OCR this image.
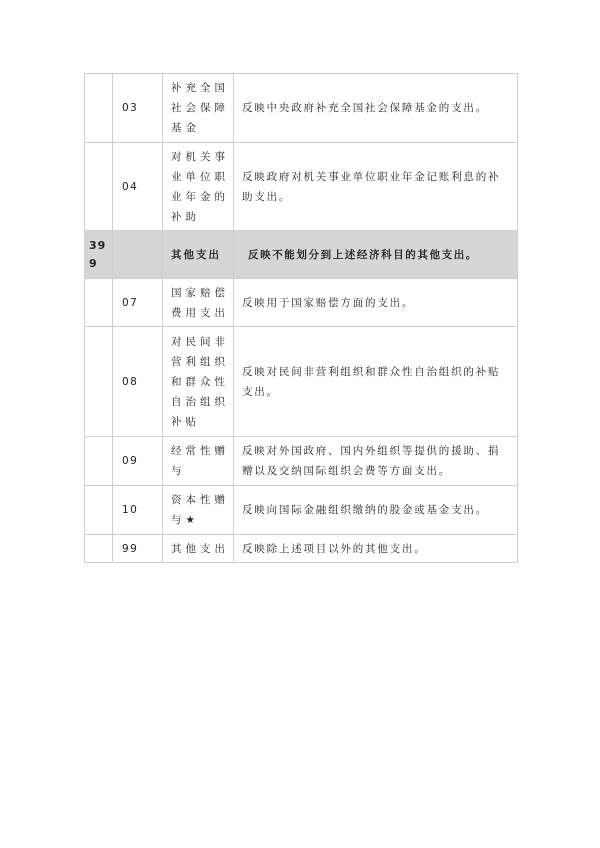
	03	补充全国社会保障基金	反映中央政府补充全国社会保障基金的支出。
	04	对机关事业单位职业年金的补助	反映政府对机关事业单位职业年金记账利息的补助支出。
399		其他支出	反映不能划分到上述经济科目的其他支出。
	07	国家赔偿费用支出	反映用于国家赔偿方面的支出。
	08	对民间非营利组织和群众性自治组织补贴	反映对民间非营利组织和群众性自治组织的补贴支出。
	09	经常性赠与	反映对外国政府、国内外组织等提供的援助、捐赠以及交纳国际组织会费等方面支出。
	10	资本性赠与★	反映向国际金融组织缴纳的股金或基金支出。
	99	其他支出	反映除上述项目以外的其他支出。
